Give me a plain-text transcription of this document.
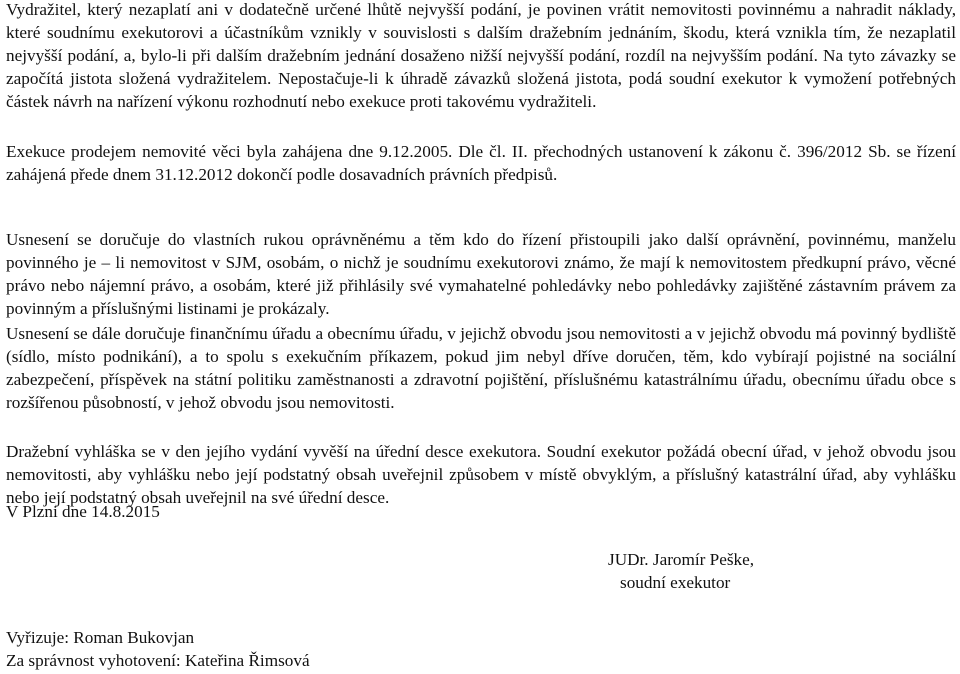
Vydražitel, který nezaplatí ani v dodatečně určené lhůtě nejvyšší podání, je povinen vrátit nemovitosti povinnému a nahradit náklady, které soudnímu exekutorovi a účastníkům vznikly v souvislosti s dalším dražebním jednáním, škodu, která vznikla tím, že nezaplatil nejvyšší podání, a, bylo-li při dalším dražebním jednání dosaženo nižší nejvyšší podání, rozdíl na nejvyšším podání. Na tyto závazky se započítá jistota složená vydražitelem. Nepostačuje-li k úhradě závazků složená jistota, podá soudní exekutor k vymožení potřebných částek návrh na nařízení výkonu rozhodnutí nebo exekuce proti takovému vydražiteli.

Exekuce prodejem nemovité věci byla zahájena dne 9.12.2005. Dle čl. II. přechodných ustanovení k zákonu č. 396/2012 Sb. se řízení zahájená přede dnem 31.12.2012 dokončí podle dosavadních právních předpisů.

Usnesení se doručuje do vlastních rukou oprávněnému a těm kdo do řízení přistoupili jako další oprávnění, povinnému, manželu povinného je – li nemovitost v SJM, osobám, o nichž je soudnímu exekutorovi známo, že mají k nemovitostem předkupní právo, věcné právo nebo nájemní právo, a osobám, které již přihlásily své vymahatelné pohledávky nebo pohledávky zajištěné zástavním právem za povinným a příslušnými listinami je prokázaly.

Usnesení se dále doručuje finančnímu úřadu a obecnímu úřadu, v jejichž obvodu jsou nemovitosti a v jejichž obvodu má povinný bydliště (sídlo, místo podnikání), a to spolu s exekučním příkazem, pokud jim nebyl dříve doručen, těm, kdo vybírají pojistné na sociální zabezpečení, příspěvek na státní politiku zaměstnanosti a zdravotní pojištění, příslušnému katastrálnímu úřadu, obecnímu úřadu obce s rozšířenou působností, v jehož obvodu jsou nemovitosti.

Dražební vyhláška se v den jejího vydání vyvěší na úřední desce exekutora. Soudní exekutor požádá obecní úřad, v jehož obvodu jsou nemovitosti, aby vyhlášku nebo její podstatný obsah uveřejnil způsobem v místě obvyklým, a příslušný katastrální úřad, aby vyhlášku nebo její podstatný obsah uveřejnil na své úřední desce.

V Plzni dne 14.8.2015
JUDr. Jaromír Peške,
soudní exekutor
Vyřizuje: Roman Bukovjan
Za správnost vyhotovení: Kateřina Řimsová
